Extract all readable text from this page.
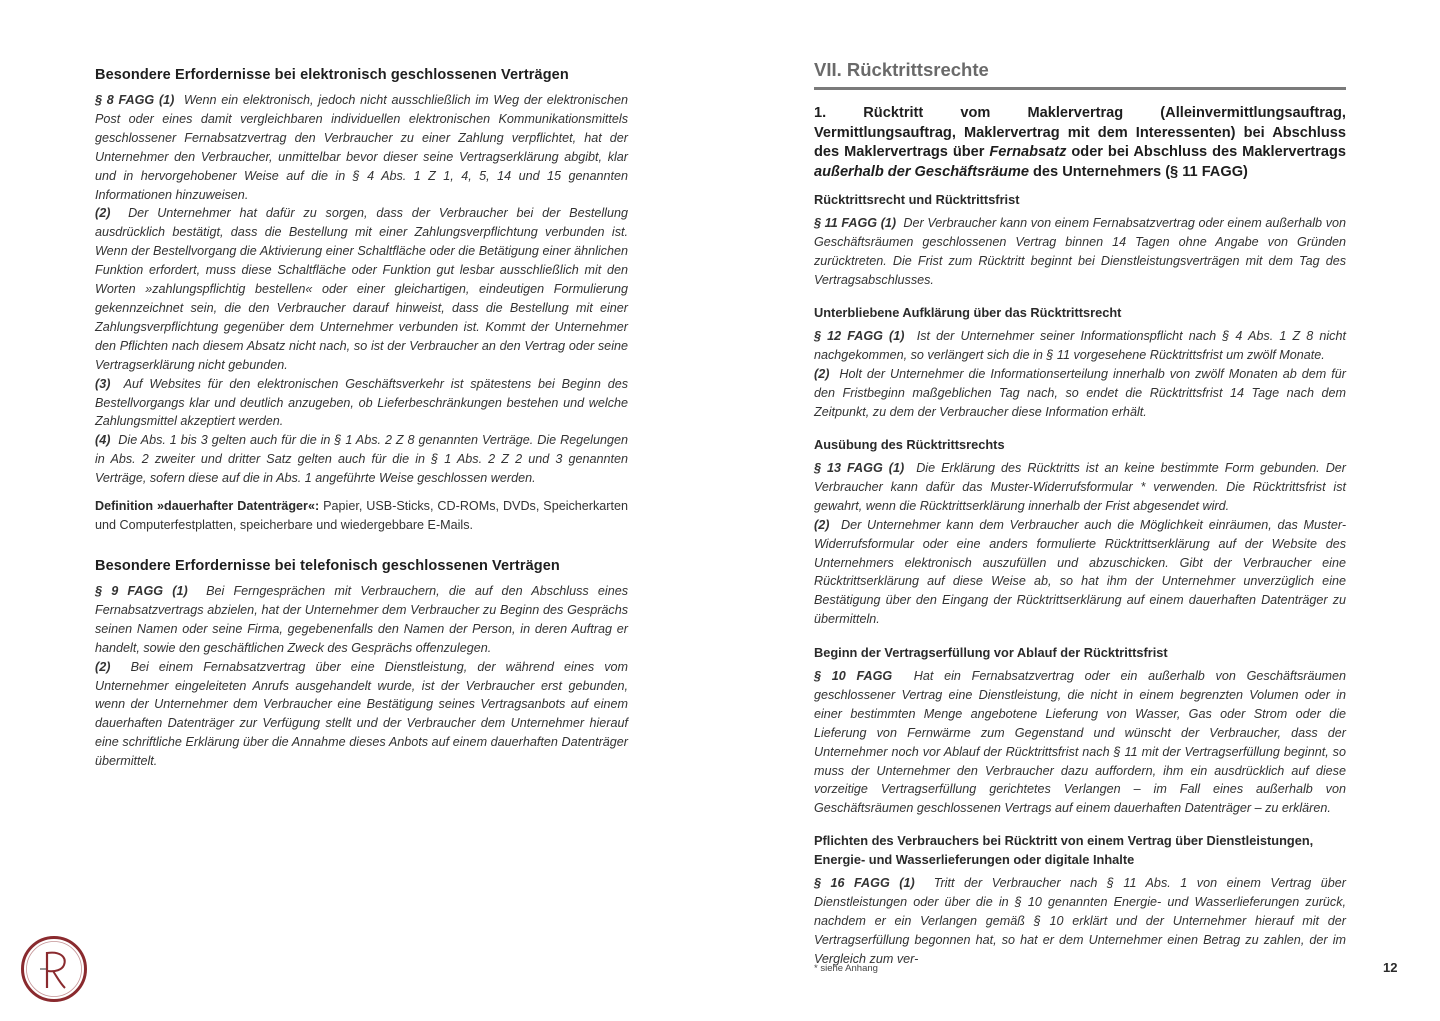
Besondere Erfordernisse bei elektronisch geschlossenen Verträgen

§ 8 FAGG (1) Wenn ein elektronisch, jedoch nicht ausschließlich im Weg der elektronischen Post oder eines damit vergleichbaren individuellen elektronischen Kommunikationsmittels geschlossener Fernabsatzvertrag den Verbraucher zu einer Zahlung verpflichtet, hat der Unternehmer den Verbraucher, unmittelbar bevor dieser seine Vertragserklärung abgibt, klar und in hervorgehobener Weise auf die in § 4 Abs. 1 Z 1, 4, 5, 14 und 15 genannten Informationen hinzuweisen.

(2) Der Unternehmer hat dafür zu sorgen, dass der Verbraucher bei der Bestellung ausdrücklich bestätigt, dass die Bestellung mit einer Zahlungsverpflichtung verbunden ist. Wenn der Bestellvorgang die Aktivierung einer Schaltfläche oder die Betätigung einer ähnlichen Funktion erfordert, muss diese Schaltfläche oder Funktion gut lesbar ausschließlich mit den Worten »zahlungspflichtig bestellen« oder einer gleichartigen, eindeutigen Formulierung gekennzeichnet sein, die den Verbraucher darauf hinweist, dass die Bestellung mit einer Zahlungsverpflichtung gegenüber dem Unternehmer verbunden ist. Kommt der Unternehmer den Pflichten nach diesem Absatz nicht nach, so ist der Verbraucher an den Vertrag oder seine Vertragserklärung nicht gebunden.

(3) Auf Websites für den elektronischen Geschäftsverkehr ist spätestens bei Beginn des Bestellvorgangs klar und deutlich anzugeben, ob Lieferbeschränkungen bestehen und welche Zahlungsmittel akzeptiert werden.

(4) Die Abs. 1 bis 3 gelten auch für die in § 1 Abs. 2 Z 8 genannten Verträge. Die Regelungen in Abs. 2 zweiter und dritter Satz gelten auch für die in § 1 Abs. 2 Z 2 und 3 genannten Verträge, sofern diese auf die in Abs. 1 angeführte Weise geschlossen werden.

Definition »dauerhafter Datenträger«: Papier, USB-Sticks, CD-ROMs, DVDs, Speicherkarten und Computerfestplatten, speicherbare und wiedergebbare E-Mails.

Besondere Erfordernisse bei telefonisch geschlossenen Verträgen

§ 9 FAGG (1) Bei Ferngesprächen mit Verbrauchern, die auf den Abschluss eines Fernabsatzvertrags abzielen, hat der Unternehmer dem Verbraucher zu Beginn des Gesprächs seinen Namen oder seine Firma, gegebenenfalls den Namen der Person, in deren Auftrag er handelt, sowie den geschäftlichen Zweck des Gesprächs offenzulegen.

(2) Bei einem Fernabsatzvertrag über eine Dienstleistung, der während eines vom Unternehmer eingeleiteten Anrufs ausgehandelt wurde, ist der Verbraucher erst gebunden, wenn der Unternehmer dem Verbraucher eine Bestätigung seines Vertragsanbots auf einem dauerhaften Datenträger zur Verfügung stellt und der Verbraucher dem Unternehmer hierauf eine schriftliche Erklärung über die Annahme dieses Anbots auf einem dauerhaften Datenträger übermittelt.

VII. Rücktrittsrechte
1. Rücktritt vom Maklervertrag (Alleinvermittlungsauftrag, Vermittlungsauftrag, Maklervertrag mit dem Interessenten) bei Abschluss des Maklervertrags über Fernabsatz oder bei Abschluss des Maklervertrags außerhalb der Geschäftsräume des Unternehmers (§ 11 FAGG)
Rücktrittsrecht und Rücktrittsfrist

§ 11 FAGG (1) Der Verbraucher kann von einem Fernabsatzvertrag oder einem außerhalb von Geschäftsräumen geschlossenen Vertrag binnen 14 Tagen ohne Angabe von Gründen zurücktreten. Die Frist zum Rücktritt beginnt bei Dienstleistungsverträgen mit dem Tag des Vertragsabschlusses.

Unterbliebene Aufklärung über das Rücktrittsrecht

§ 12 FAGG (1) Ist der Unternehmer seiner Informationspflicht nach § 4 Abs. 1 Z 8 nicht nachgekommen, so verlängert sich die in § 11 vorgesehene Rücktrittsfrist um zwölf Monate.

(2) Holt der Unternehmer die Informationserteilung innerhalb von zwölf Monaten ab dem für den Fristbeginn maßgeblichen Tag nach, so endet die Rücktrittsfrist 14 Tage nach dem Zeitpunkt, zu dem der Verbraucher diese Information erhält.

Ausübung des Rücktrittsrechts

§ 13 FAGG (1) Die Erklärung des Rücktritts ist an keine bestimmte Form gebunden. Der Verbraucher kann dafür das Muster-Widerrufsformular * verwenden. Die Rücktrittsfrist ist gewahrt, wenn die Rücktrittserklärung innerhalb der Frist abgesendet wird.

(2) Der Unternehmer kann dem Verbraucher auch die Möglichkeit einräumen, das Muster-Widerrufsformular oder eine anders formulierte Rücktrittserklärung auf der Website des Unternehmers elektronisch auszufüllen und abzuschicken. Gibt der Verbraucher eine Rücktrittserklärung auf diese Weise ab, so hat ihm der Unternehmer unverzüglich eine Bestätigung über den Eingang der Rücktrittserklärung auf einem dauerhaften Datenträger zu übermitteln.

Beginn der Vertragserfüllung vor Ablauf der Rücktrittsfrist

§ 10 FAGG Hat ein Fernabsatzvertrag oder ein außerhalb von Geschäftsräumen geschlossener Vertrag eine Dienstleistung, die nicht in einem begrenzten Volumen oder in einer bestimmten Menge angebotene Lieferung von Wasser, Gas oder Strom oder die Lieferung von Fernwärme zum Gegenstand und wünscht der Verbraucher, dass der Unternehmer noch vor Ablauf der Rücktrittsfrist nach § 11 mit der Vertragserfüllung beginnt, so muss der Unternehmer den Verbraucher dazu auffordern, ihm ein ausdrücklich auf diese vorzeitige Vertragserfüllung gerichtetes Verlangen – im Fall eines außerhalb von Geschäftsräumen geschlossenen Vertrags auf einem dauerhaften Datenträger – zu erklären.

Pflichten des Verbrauchers bei Rücktritt von einem Vertrag über Dienstleistungen,
Energie- und Wasserlieferungen oder digitale Inhalte

§ 16 FAGG (1) Tritt der Verbraucher nach § 11 Abs. 1 von einem Vertrag über Dienstleistungen oder über die in § 10 genannten Energie- und Wasserlieferungen zurück, nachdem er ein Verlangen gemäß § 10 erklärt und der Unternehmer hierauf mit der Vertragserfüllung begonnen hat, so hat er dem Unternehmer einen Betrag zu zahlen, der im Vergleich zum ver-

* siehe Anhang	12
